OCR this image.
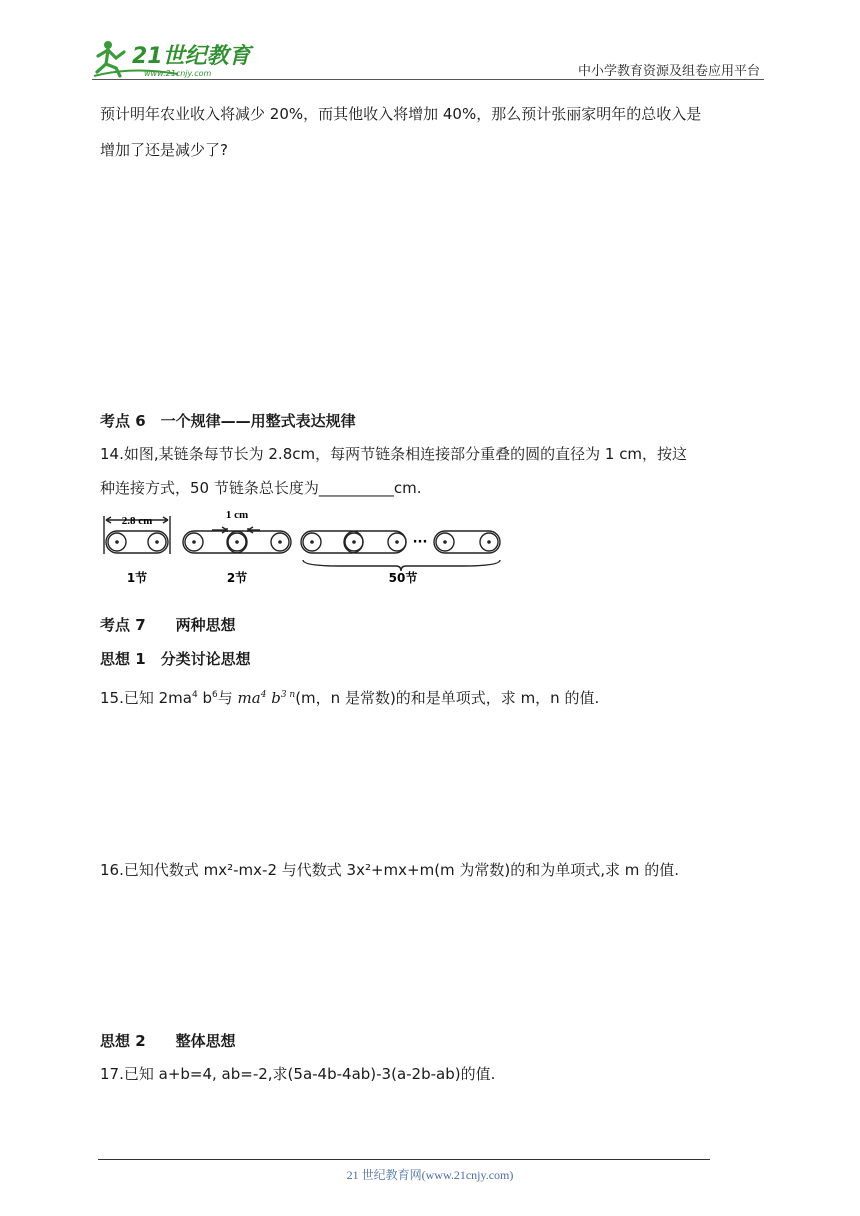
21世纪教育
www.21cnjy.com	中小学教育资源及组卷应用平台
预计明年农业收入将减少 20%，而其他收入将增加 40%，那么预计张丽家明年的总收入是
增加了还是减少了?
考点 6　一个规律——用整式表达规律
14.如图,某链条每节长为 2.8cm，每两节链条相连接部分重叠的圆的直径为 1 cm，按这
种连接方式，50 节链条总长度为__________cm.
2.8 cm	1 cm
···
1节	2节	50节
考点 7　　两种思想
思想 1　分类讨论思想
15.已知 $2ma^4$ $b^6$与 $ma^4$ $b^{3 n}(m$，n 是常数)的和是单项式，求 m，n 的值.
16.已知代数式 mx²-mx-2 与代数式 3x²+mx+m(m 为常数)的和为单项式,求 m 的值.
思想 2　　整体思想
17.已知 a+b=4, ab=-2,求(5a-4b-4ab)-3(a-2b-ab)的值.
21 世纪教育网(www.21cnjy.com)
